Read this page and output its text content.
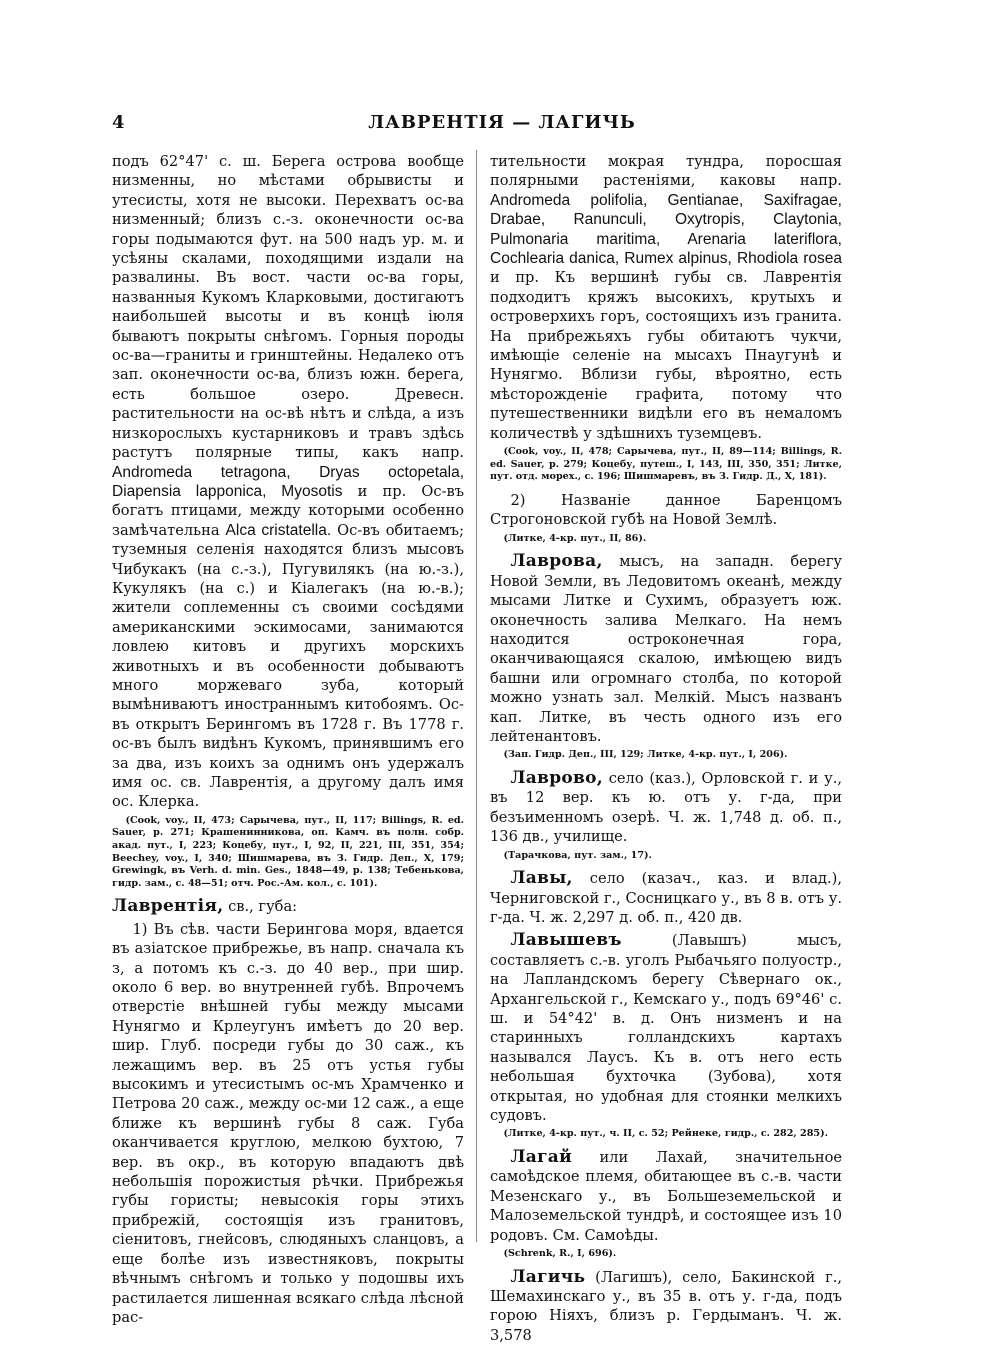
4	ЛАВРЕНТІЯ — ЛАГИЧЬ

подъ 62°47' с. ш. Берега острова вообще низменны, но мѣстами обрывисты и утесисты, хотя не высоки. Перехватъ ос-ва низменный; близъ с.-з. оконечности ос-ва горы подымаются фут. на 500 надъ ур. м. и усѣяны скалами, походящими издали на развалины. Въ вост. части ос-ва горы, названныя Кукомъ Кларковыми, достигаютъ наибольшей высоты и въ концѣ іюля бываютъ покрыты снѣгомъ. Горныя породы ос-ва—граниты и гринштейны. Недалеко отъ зап. оконечности ос-ва, близъ южн. берега, есть большое озеро. Древесн. растительности на ос-вѣ нѣтъ и слѣда, а изъ низкорослыхъ кустарниковъ и травъ здѣсь растутъ полярные типы, какъ напр. Andromeda tetragona, Dryas octopetala, Diapensia lapponica, Myosotis и пр. Ос-въ богатъ птицами, между которыми особенно замѣчательна Alca cristatella. Ос-въ обитаемъ; туземныя селенія находятся близъ мысовъ Чибукакъ (на с.-з.), Пугувилякъ (на ю.-з.), Кукулякъ (на с.) и Кіалегакъ (на ю.-в.); жители соплеменны съ своими сосѣдями американскими эскимосами, занимаются ловлею китовъ и другихъ морскихъ животныхъ и въ особенности добываютъ много моржеваго зуба, который вымѣниваютъ иностраннымъ китобоямъ. Ос-въ открытъ Берингомъ въ 1728 г. Въ 1778 г. ос-въ былъ видѣнъ Кукомъ, принявшимъ его за два, изъ коихъ за однимъ онъ удержалъ имя ос. св. Лаврентія, а другому далъ имя ос. Клерка.

(Cook, voy., II, 473; Сарычева, пут., II, 117; Billings, R. ed. Sauer, p. 271; Крашенинникова, оп. Камч. въ полн. собр. акад. пут., I, 223; Коцебу, пут., I, 92, II, 221, III, 351, 354; Beechey, voy., I, 340; Шишмарева, въ З. Гидр. Деп., X, 179; Grewingk, въ Verh. d. min. Ges., 1848—49, p. 138; Тебенькова, гидр. зам., с. 48—51; отч. Рос.-Ам. кол., с. 101).

Лаврентія, св., губа:

1) Въ сѣв. части Берингова моря, вдается въ азіатское прибрежье, въ напр. сначала къ з, а потомъ къ с.-з. до 40 вер., при шир. около 6 вер. во внутренней губѣ. Впрочемъ отверстіе внѣшней губы между мысами Нунягмо и Крлеугунъ имѣетъ до 20 вер. шир. Глуб. посреди губы до 30 саж., къ лежащимъ вер. въ 25 отъ устья губы высокимъ и утесистымъ ос-мъ Храмченко и Петрова 20 саж., между ос-ми 12 саж., а еще ближе къ вершинѣ губы 8 саж. Губа оканчивается круглою, мелкою бухтою, 7 вер. въ окр., въ которую впадаютъ двѣ небольшія порожистыя рѣчки. Прибрежья губы гористы; невысокія горы этихъ прибрежій, состоящія изъ гранитовъ, сіенитовъ, гнейсовъ, слюдяныхъ сланцовъ, а еще болѣе изъ известняковъ, покрыты вѣчнымъ снѣгомъ и только у подошвы ихъ растилается лишенная всякаго слѣда лѣсной рас-

тительности мокрая тундра, поросшая полярными растеніями, каковы напр. Andromeda polifolia, Gentianae, Saxifragae, Drabae, Ranunculi, Oxytropis, Claytonia, Pulmonaria maritima, Arenaria lateriflora, Cochlearia danica, Rumex alpinus, Rhodiola rosea и пр. Къ вершинѣ губы св. Лаврентія подходитъ кряжъ высокихъ, крутыхъ и островерхихъ горъ, состоящихъ изъ гранита. На прибрежьяхъ губы обитаютъ чукчи, имѣющіе селеніе на мысахъ Пнаугунѣ и Нунягмо. Вблизи губы, вѣроятно, есть мѣсторожденіе графита, потому что путешественники видѣли его въ немаломъ количествѣ у здѣшнихъ туземцевъ.

(Cook, voy., II, 478; Сарычева, пут., II, 89—114; Billings, R. ed. Sauer, p. 279; Коцебу, путеш., I, 143, III, 350, 351; Литке, пут. отд. морех., с. 196; Шишмаревъ, въ З. Гидр. Д., X, 181).

2) Названіе данное Баренцомъ Строгоновской губѣ на Новой Землѣ.

(Литке, 4-кр. пут., II, 86).

Лаврова, мысъ, на западн. берегу Новой Земли, въ Ледовитомъ океанѣ, между мысами Литке и Сухимъ, образуетъ юж. оконечность залива Мелкаго. На немъ находится остроконечная гора, оканчивающаяся скалою, имѣющею видъ башни или огромнаго столба, по которой можно узнать зал. Мелкій. Мысъ названъ кап. Литке, въ честь одного изъ его лейтенантовъ.

(Зап. Гидр. Деп., III, 129; Литке, 4-кр. пут., I, 206).

Лаврово, село (каз.), Орловской г. и у., въ 12 вер. къ ю. отъ у. г-да, при безъименномъ озерѣ. Ч. ж. 1,748 д. об. п., 136 дв., училище.

(Тарачкова, пут. зам., 17).

Лавы, село (казач., каз. и влад.), Черниговской г., Сосницкаго у., въ 8 в. отъ у. г-да. Ч. ж. 2,297 д. об. п., 420 дв.

Лавышевъ	(Лавышъ) мысъ, составляетъ с.-в. уголъ Рыбачьяго полуостр., на Лапландскомъ берегу Сѣвернаго ок., Архангельской г., Кемскаго у., подъ 69°46' с. ш. и 54°42' в. д. Онъ низменъ и на старинныхъ голландскихъ картахъ назывался Лаусъ. Къ в. отъ него есть небольшая бухточка (Зубова), хотя открытая, но удобная для стоянки мелкихъ судовъ.

(Литке, 4-кр. пут., ч. II, с. 52; Рейнеке, гидр., с. 282, 285).

Лагай или Лахай, значительное самоѣдское племя, обитающее въ с.-в. части Мезенскаго у., въ Большеземельской и Малоземельской тундрѣ, и состоящее изъ 10 родовъ. См. Самоѣды.

(Schrenk, R., I, 696).

Лагичь (Лагишъ), село, Бакинской г., Шемахинскаго у., въ 35 в. отъ у. г-да, подъ горою Ніяхъ, близъ р. Гердыманъ. Ч. ж. 3,578
